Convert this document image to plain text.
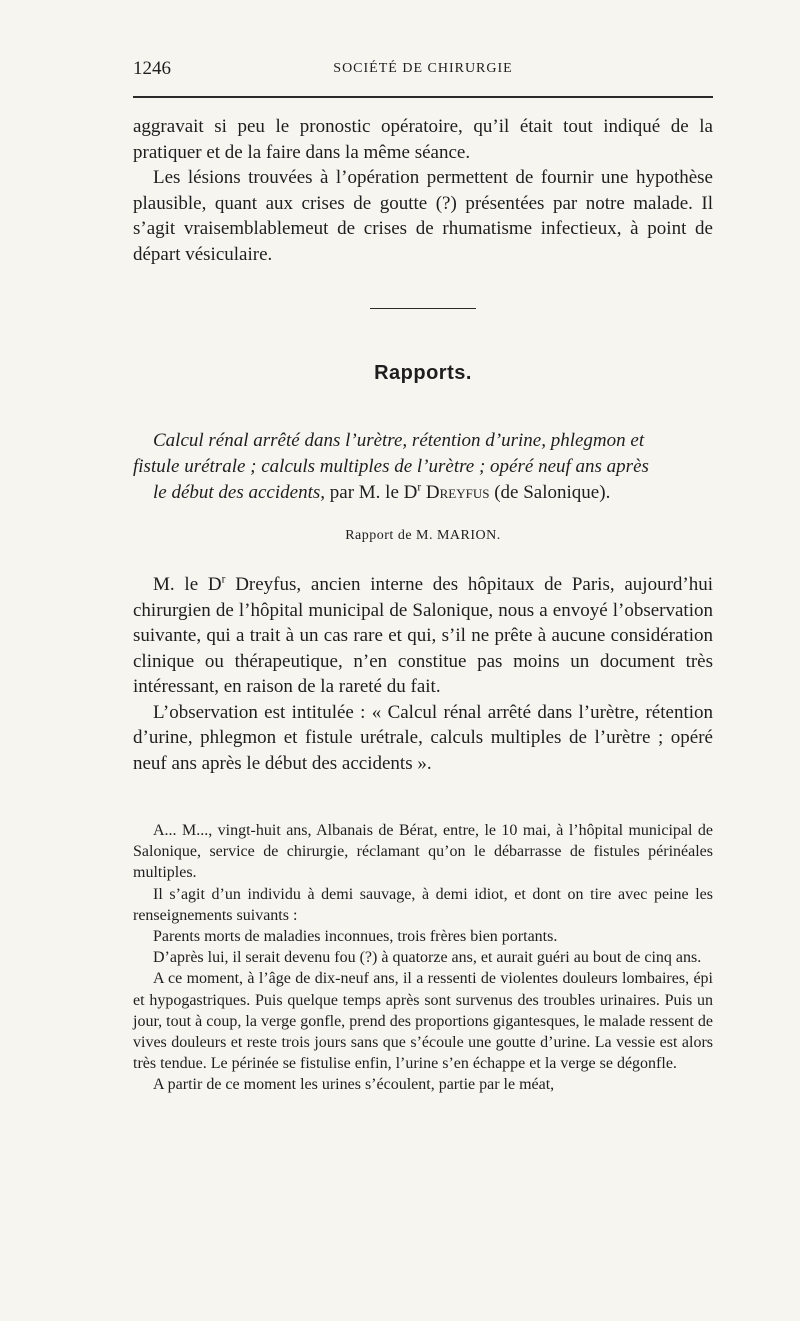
1246	SOCIÉTÉ DE CHIRURGIE

aggravait si peu le pronostic opératoire, qu’il était tout indiqué de la pratiquer et de la faire dans la même séance.

Les lésions trouvées à l’opération permettent de fournir une hypothèse plausible, quant aux crises de goutte (?) présentées par notre malade. Il s’agit vraisemblablemeut de crises de rhumatisme infectieux, à point de départ vésiculaire.

Rapports.

Calcul rénal arrêté dans l’urètre, rétention d’urine, phlegmon et

fistule urétrale ; calculs multiples de l’urètre ; opéré neuf ans après

le début des accidents, par M. le $D^r$ Dreyfus (de Salonique).

Rapport de M. MARION.

M. le $D^r$ Dreyfus, ancien interne des hôpitaux de Paris, aujourd’hui chirurgien de l’hôpital municipal de Salonique, nous a envoyé l’observation suivante, qui a trait à un cas rare et qui, s’il ne prête à aucune considération clinique ou thérapeutique, n’en constitue pas moins un document très intéressant, en raison de la rareté du fait.

L’observation est intitulée : « Calcul rénal arrêté dans l’urètre, rétention d’urine, phlegmon et fistule urétrale, calculs multiples de l’urètre ; opéré neuf ans après le début des accidents ».

A... M..., vingt-huit ans, Albanais de Bérat, entre, le 10 mai, à l’hôpital municipal de Salonique, service de chirurgie, réclamant qu’on le débarrasse de fistules périnéales multiples.

Il s’agit d’un individu à demi sauvage, à demi idiot, et dont on tire avec peine les renseignements suivants :

Parents morts de maladies inconnues, trois frères bien portants.

D’après lui, il serait devenu fou (?) à quatorze ans, et aurait guéri au bout de cinq ans.

A ce moment, à l’âge de dix-neuf ans, il a ressenti de violentes douleurs lombaires, épi et hypogastriques. Puis quelque temps après sont survenus des troubles urinaires. Puis un jour, tout à coup, la verge gonfle, prend des proportions gigantesques, le malade ressent de vives douleurs et reste trois jours sans que s’écoule une goutte d’urine. La vessie est alors très tendue. Le périnée se fistulise enfin, l’urine s’en échappe et la verge se dégonfle.

A partir de ce moment les urines s’écoulent, partie par le méat,
